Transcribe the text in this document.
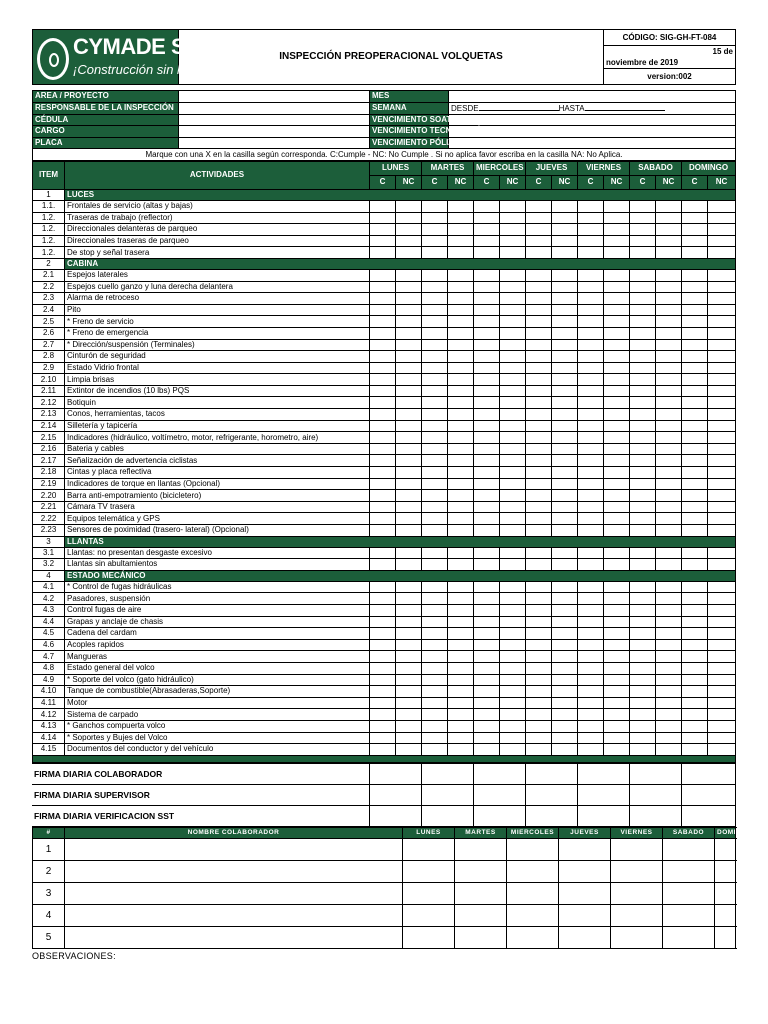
CYMADE SAS
¡Construcción sin limites!
	INSPECCIÓN PREOPERACIONAL VOLQUETAS	CÓDIGO: SIG-GH-FT-084

15 de
noviembre de 2019

version:002
AREA / PROYECTO		MES	
RESPONSABLE DE LA INSPECCIÓN		SEMANA	DESDE HASTA
CÉDULA		VENCIMIENTO SOAT	
CARGO		VENCIMIENTO TECNOMECÁNICA	
PLACA		VENCIMIENTO PÓLIZA	
Marque con una X en la casilla según corresponda. C:Cumple - NC: No Cumple . Si no aplica favor escriba en la casilla NA: No Aplica.			
ITEM	ACTIVIDADES	LUNES		MARTES		MIERCOLES		JUEVES		VIERNES		SABADO		DOMINGO	
		C	NC	C	NC	C	NC	C	NC	C	NC	C	NC	C	NC
1	LUCES														
1.1.	Frontales de servicio (altas y bajas)														
1.2.	Traseras de trabajo (reflector)														
1.2.	Direccionales delanteras de parqueo														
1.2.	Direccionales traseras de parqueo														
1.2.	De stop y señal trasera														
2	CABINA														
2.1	Espejos laterales														
2.2	Espejos cuello ganzo y luna derecha delantera														
2.3	Alarma de retroceso														
2.4	Pito														
2.5	* Freno de servicio														
2.6	* Freno de emergencia														
2.7	* Dirección/suspensión (Terminales)														
2.8	Cinturón de seguridad														
2.9	Estado Vidrio frontal														
2.10	Limpia brisas														
2.11	Extintor de incendios (10 lbs) PQS														
2.12	Botiquin														
2.13	Conos, herramientas, tacos														
2.14	Silletería y tapicería														
2.15	Indicadores (hidráulico, voltímetro, motor, refrigerante, horometro, aire)														
2.16	Bateria y cables														
2.17	Señalización de advertencia ciclistas														
2.18	Cintas y placa reflectiva														
2.19	Indicadores de torque en llantas (Opcional)														
2.20	Barra anti-empotramiento (bicicletero)														
2.21	Cámara TV trasera														
2.22	Equipos telemática y GPS														
2.23	Sensores de poximidad (trasero- lateral) (Opcional)														
3	LLANTAS														
3.1	Llantas: no presentan desgaste excesivo														
3.2	Llantas sin abultamientos														
4	ESTADO MECÁNICO														
4.1	* Control de fugas hidráulicas														
4.2	Pasadores, suspensión														
4.3	Control fugas de aire														
4.4	Grapas y anclaje de chasis														
4.5	Cadena del cardam														
4.6	Acoples rapidos														
4.7	Mangueras														
4.8	Estado general del volco														
4.9	* Soporte del volco (gato hidráulico)														
4.10	Tanque de combustible(Abrasaderas,Soporte)														
4.11	Motor														
4.12	Sistema de carpado														
4.13	* Ganchos compuerta volco														
4.14	* Soportes y Bujes del Volco														
4.15	Documentos del conductor y del vehículo														

FIRMA DIARIA COLABORADOR							
FIRMA DIARIA SUPERVISOR							
FIRMA DIARIA VERIFICACION SST							
#	NOMBRE COLABORADOR	LUNES	MARTES	MIERCOLES	JUEVES	VIERNES	SABADO	DOMINGO
1								
2								
3								
4								
5								
OBSERVACIONES:
